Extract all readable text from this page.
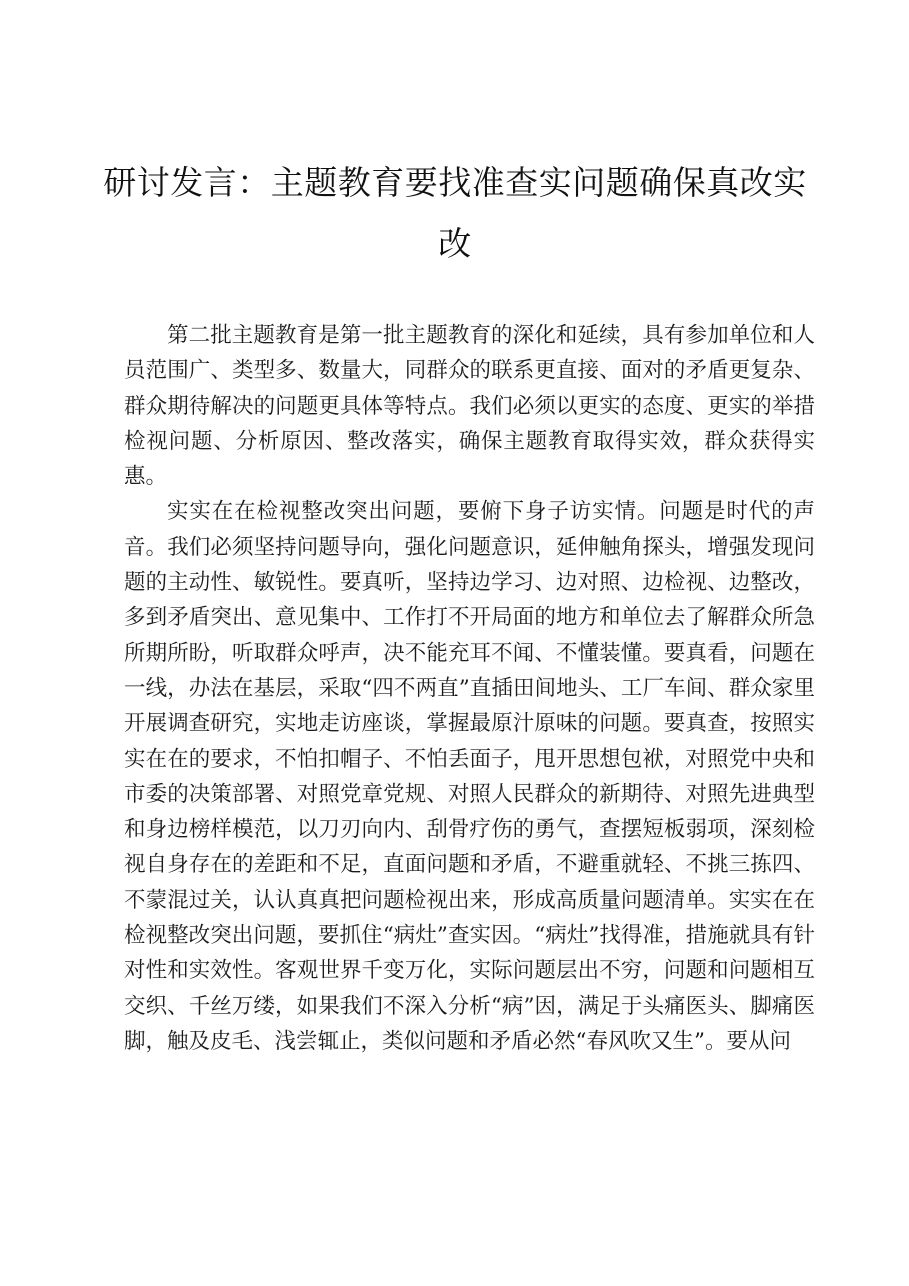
研讨发言：主题教育要找准查实问题确保真改实改

第二批主题教育是第一批主题教育的深化和延续，具有参加单位和人员范围广、类型多、数量大，同群众的联系更直接、面对的矛盾更复杂、群众期待解决的问题更具体等特点。我们必须以更实的态度、更实的举措检视问题、分析原因、整改落实，确保主题教育取得实效，群众获得实惠。

实实在在检视整改突出问题，要俯下身子访实情。问题是时代的声音。我们必须坚持问题导向，强化问题意识，延伸触角探头，增强发现问题的主动性、敏锐性。要真听，坚持边学习、边对照、边检视、边整改，多到矛盾突出、意见集中、工作打不开局面的地方和单位去了解群众所急所期所盼，听取群众呼声，决不能充耳不闻、不懂装懂。要真看，问题在一线，办法在基层，采取“四不两直”直插田间地头、工厂车间、群众家里开展调查研究，实地走访座谈，掌握最原汁原味的问题。要真查，按照实实在在的要求，不怕扣帽子、不怕丢面子，甩开思想包袱，对照党中央和市委的决策部署、对照党章党规、对照人民群众的新期待、对照先进典型和身边榜样模范，以刀刃向内、刮骨疗伤的勇气，查摆短板弱项，深刻检视自身存在的差距和不足，直面问题和矛盾，不避重就轻、不挑三拣四、不蒙混过关，认认真真把问题检视出来，形成高质量问题清单。实实在在检视整改突出问题，要抓住“病灶”查实因。“病灶”找得准，措施就具有针对性和实效性。客观世界千变万化，实际问题层出不穷，问题和问题相互交织、千丝万缕，如果我们不深入分析“病”因，满足于头痛医头、脚痛医脚，触及皮毛、浅尝辄止，类似问题和矛盾必然“春风吹又生”。要从问
